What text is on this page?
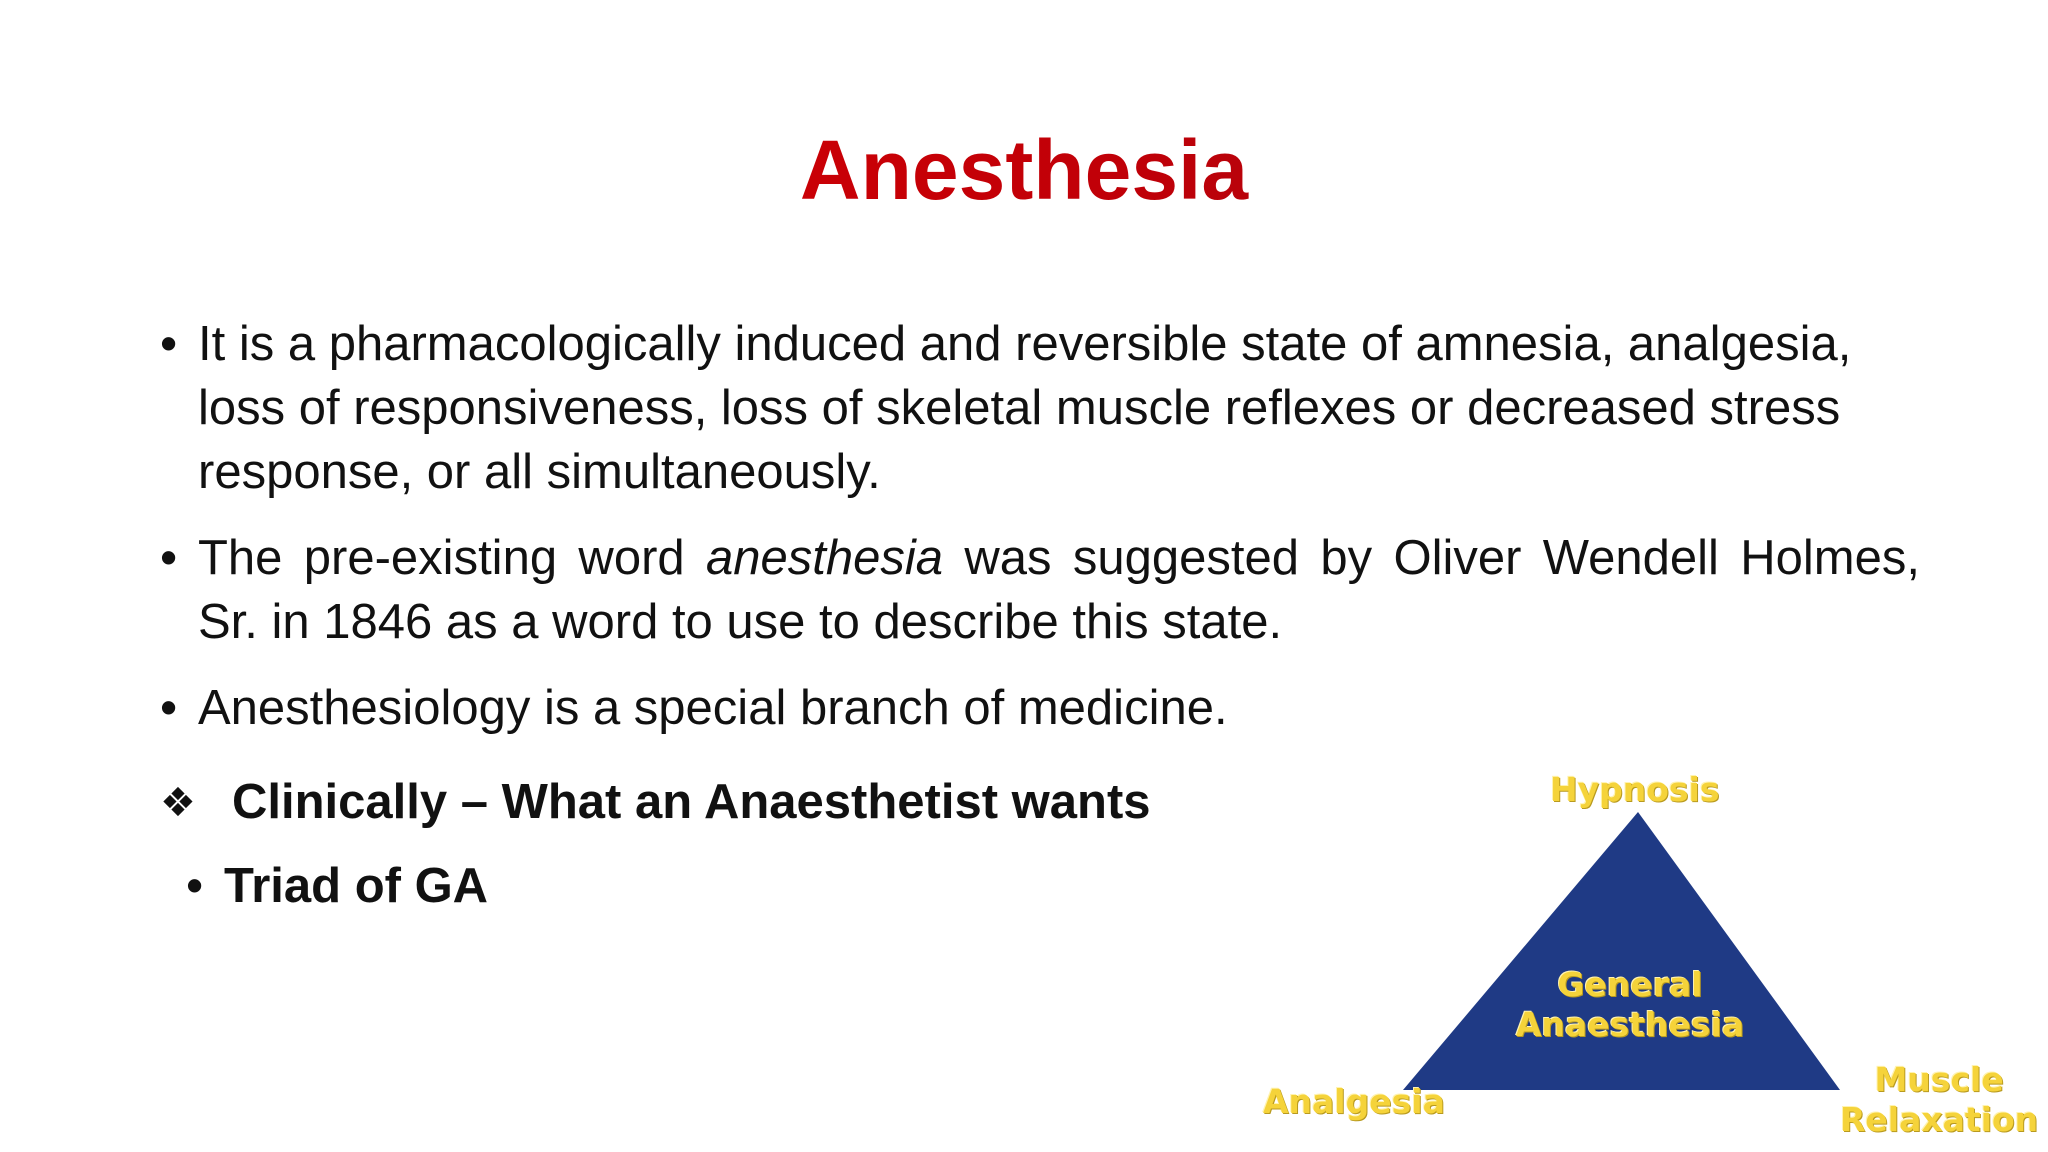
Anesthesia
• It is a pharmacologically induced and reversible state of amnesia, analgesia, loss of responsiveness, loss of skeletal muscle reflexes or decreased stress response, or all simultaneously.
• The pre-existing word anesthesia was suggested by Oliver Wendell Holmes, Sr. in 1846 as a word to use to describe this state.
• Anesthesiology is a special branch of medicine.
❖ Clinically – What an Anaesthetist wants
• Triad of GA
Hypnosis
General
Anaesthesia
Analgesia
Muscle
Relaxation
